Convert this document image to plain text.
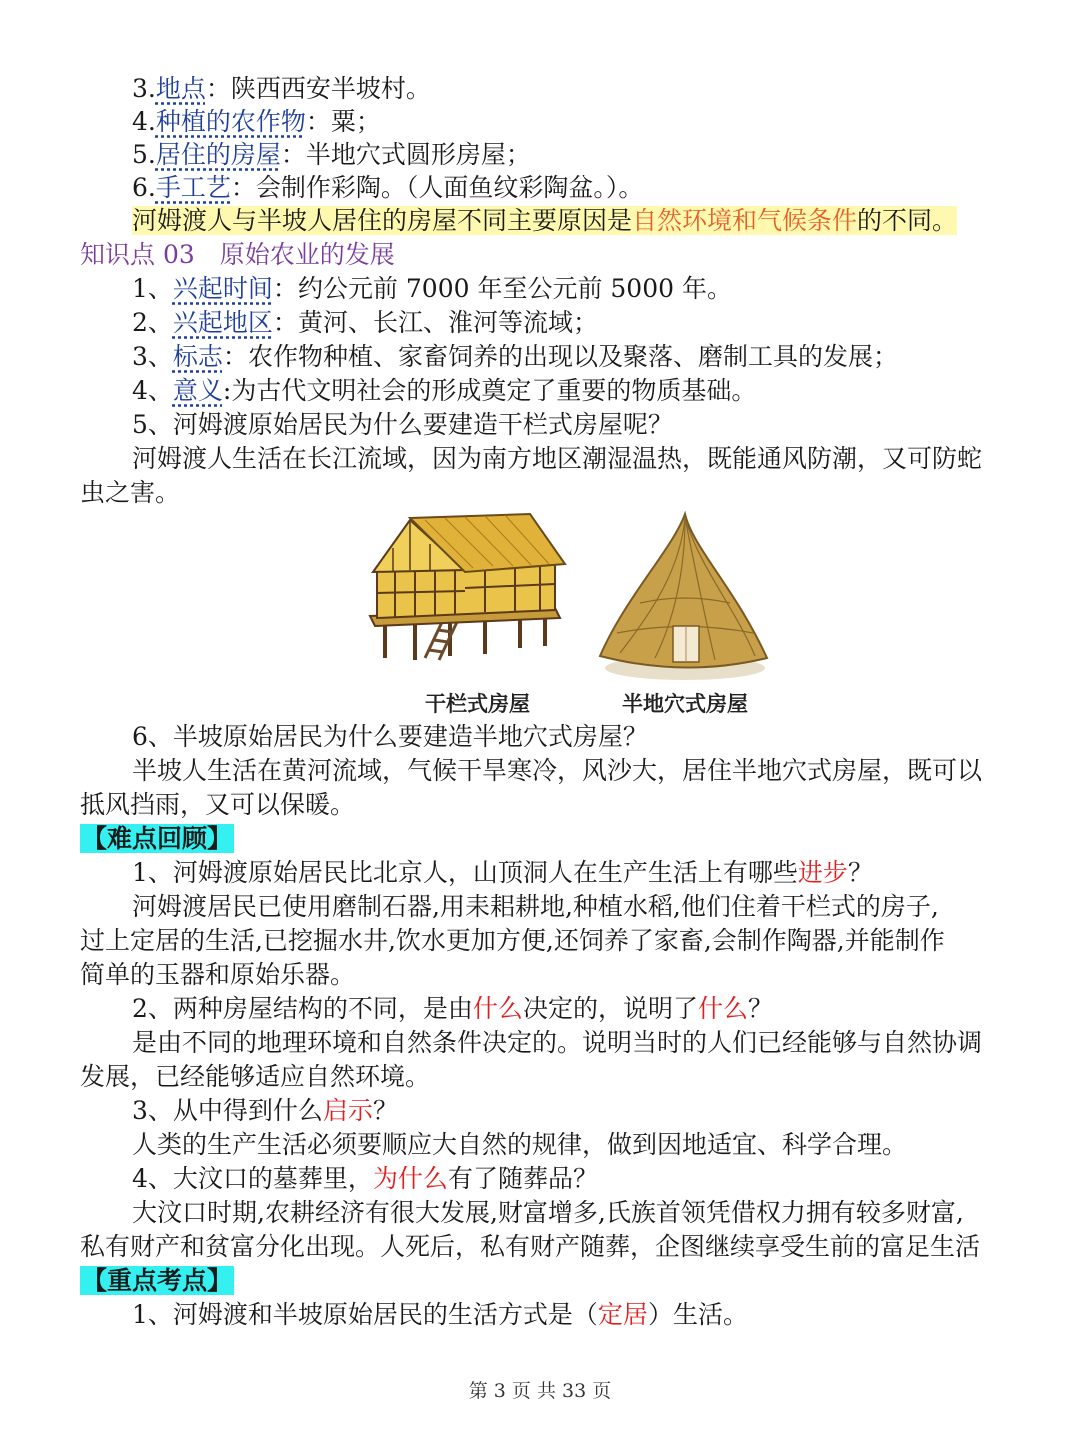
3.地点：陕西西安半坡村。
4.种植的农作物：粟；
5.居住的房屋：半地穴式圆形房屋；
6.手工艺：会制作彩陶。（人面鱼纹彩陶盆。）。
河姆渡人与半坡人居住的房屋不同主要原因是自然环境和气候条件的不同。
知识点 03　原始农业的发展
1、兴起时间：约公元前 7000 年至公元前 5000 年。
2、兴起地区：黄河、长江、淮河等流域；
3、标志：农作物种植、家畜饲养的出现以及聚落、磨制工具的发展；
4、意义:为古代文明社会的形成奠定了重要的物质基础。
5、河姆渡原始居民为什么要建造干栏式房屋呢？
河姆渡人生活在长江流域，因为南方地区潮湿温热，既能通风防潮，又可防蛇
虫之害。
干栏式房屋	半地穴式房屋
6、半坡原始居民为什么要建造半地穴式房屋？
半坡人生活在黄河流域，气候干旱寒冷，风沙大，居住半地穴式房屋，既可以
抵风挡雨，又可以保暖。
【难点回顾】
1、河姆渡原始居民比北京人，山顶洞人在生产生活上有哪些进步？
河姆渡居民已使用磨制石器,用耒耜耕地,种植水稻,他们住着干栏式的房子,
过上定居的生活,已挖掘水井,饮水更加方便,还饲养了家畜,会制作陶器,并能制作
简单的玉器和原始乐器。
2、两种房屋结构的不同，是由什么决定的，说明了什么？
是由不同的地理环境和自然条件决定的。说明当时的人们已经能够与自然协调
发展，已经能够适应自然环境。
3、从中得到什么启示？
人类的生产生活必须要顺应大自然的规律，做到因地适宜、科学合理。
4、大汶口的墓葬里，为什么有了随葬品？
大汶口时期,农耕经济有很大发展,财富增多,氏族首领凭借权力拥有较多财富,
私有财产和贫富分化出现。人死后，私有财产随葬，企图继续享受生前的富足生活
【重点考点】
1、河姆渡和半坡原始居民的生活方式是（定居）生活。
第 3 页 共 33 页
